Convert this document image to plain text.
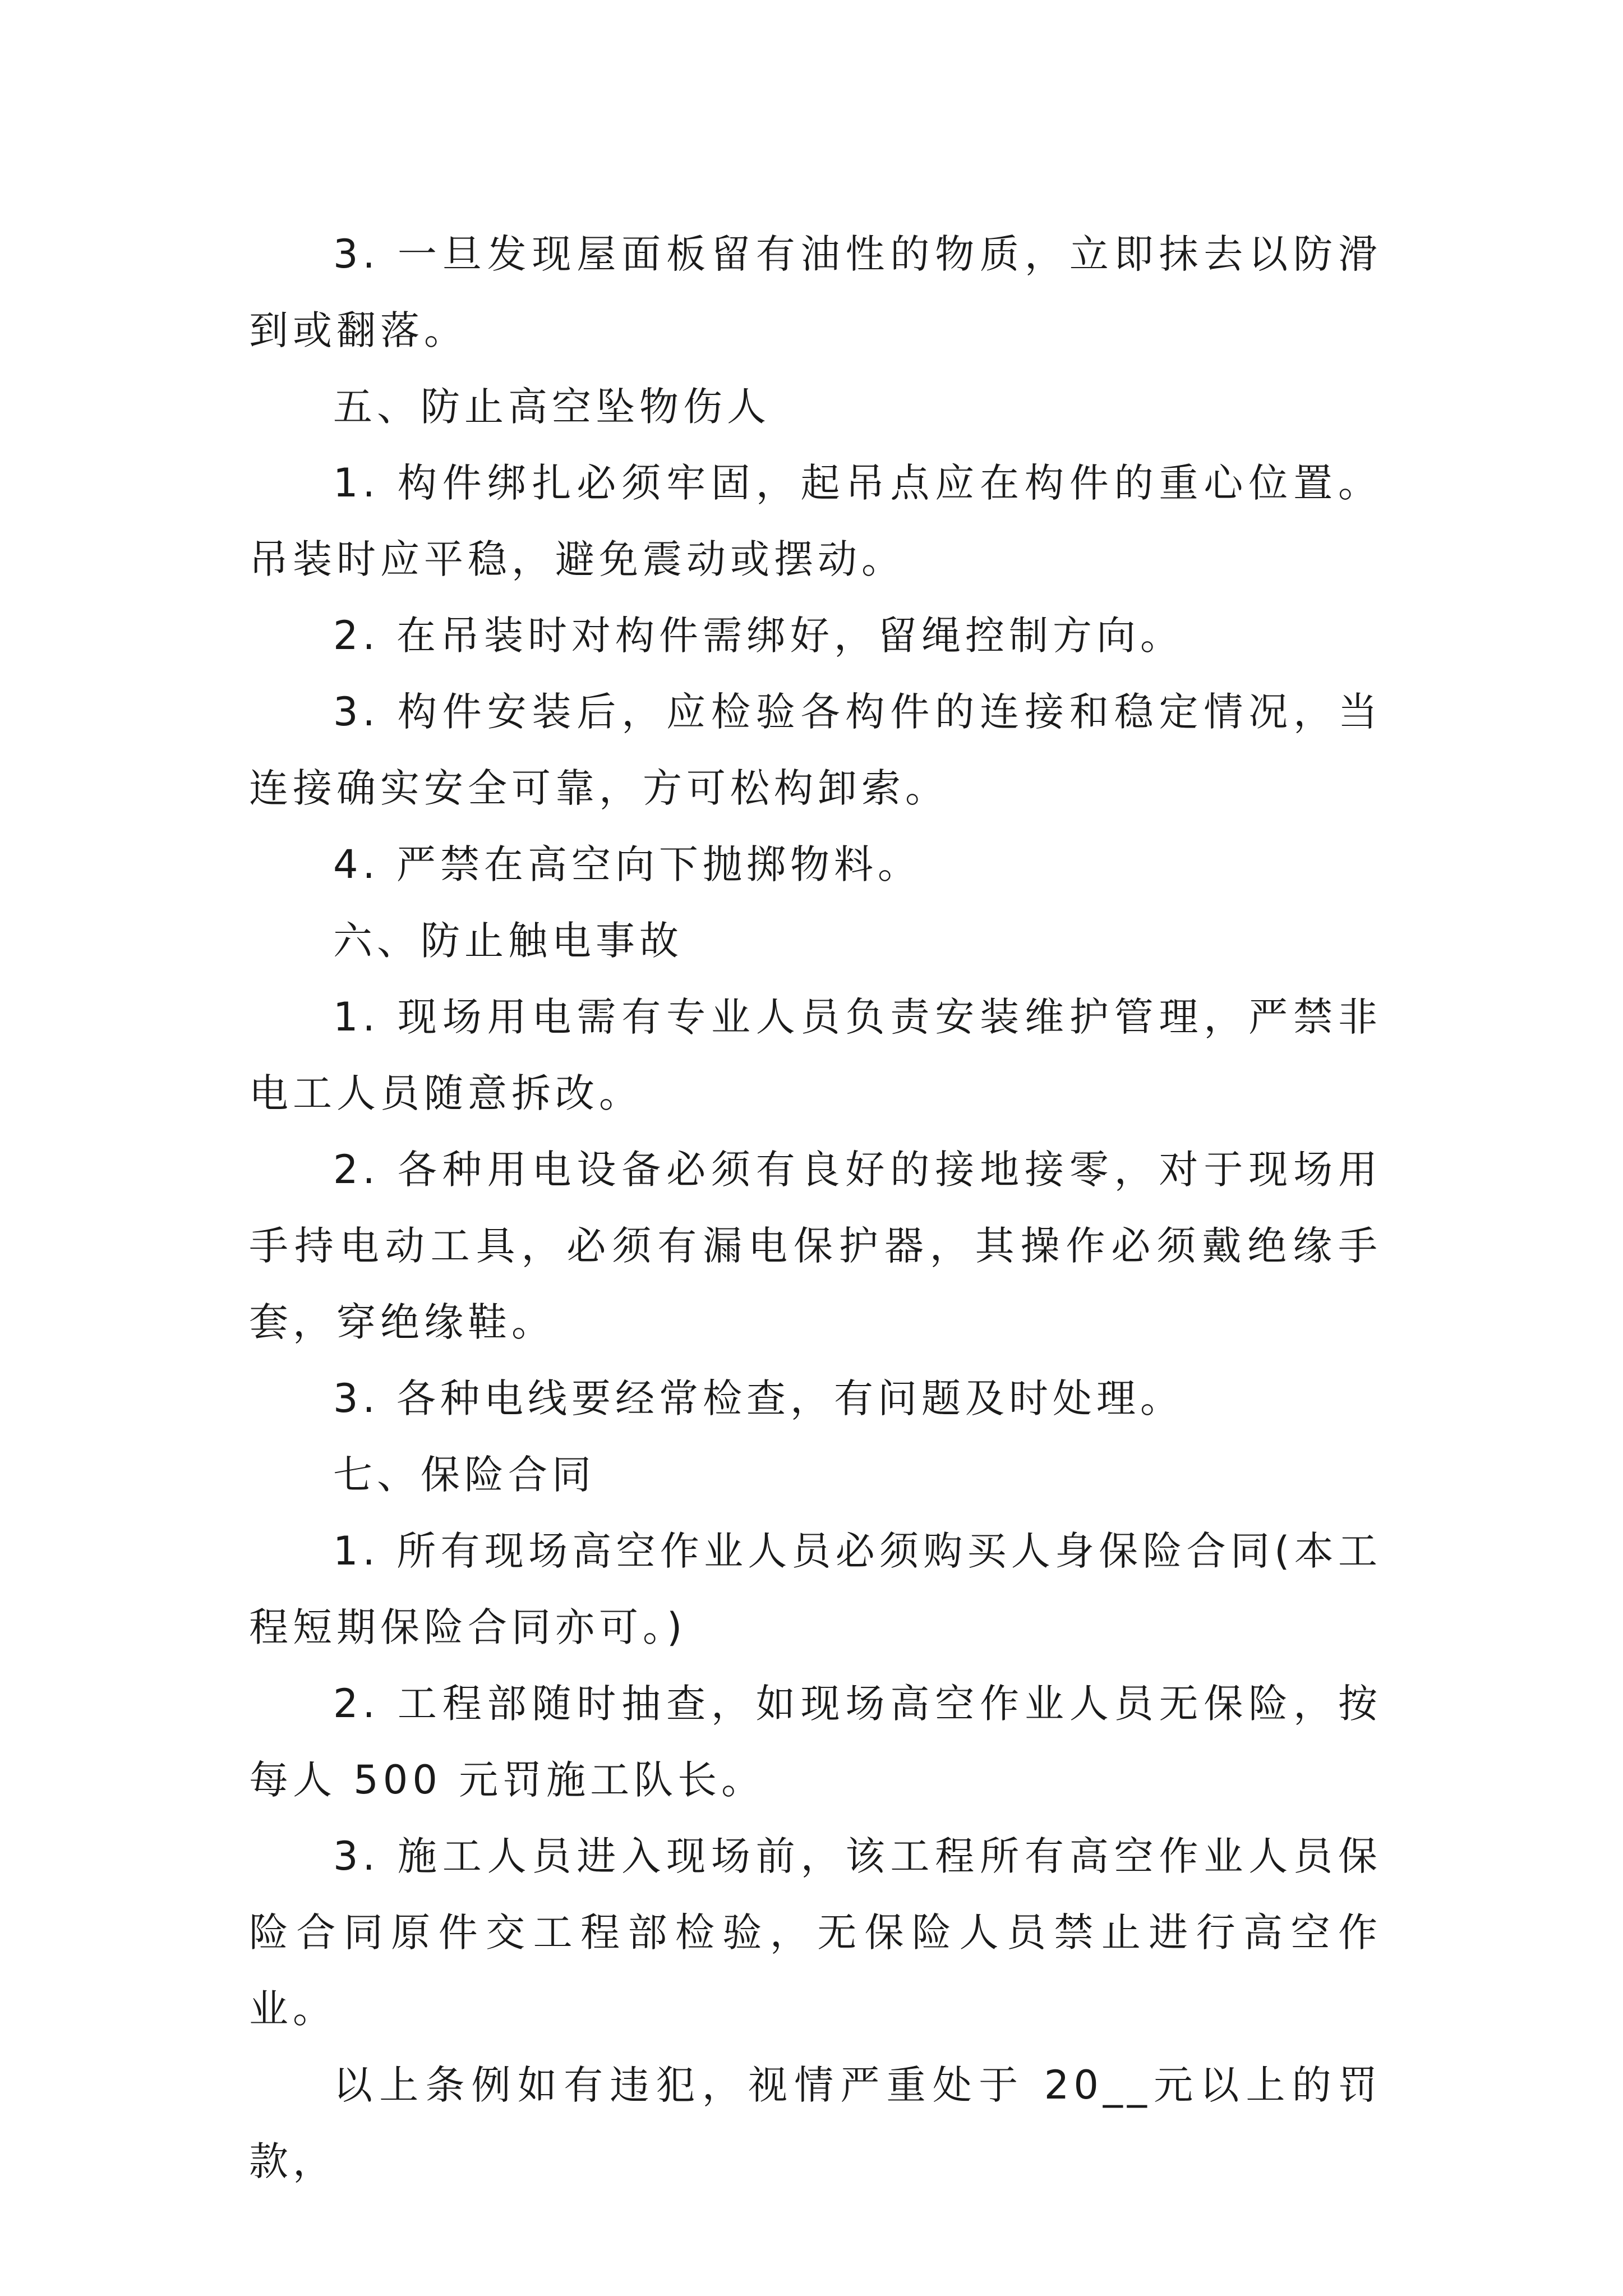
3. 一旦发现屋面板留有油性的物质，立即抹去以防滑到或翻落。

五、防止高空坠物伤人

1. 构件绑扎必须牢固，起吊点应在构件的重心位置。吊装时应平稳，避免震动或摆动。

2. 在吊装时对构件需绑好，留绳控制方向。

3. 构件安装后，应检验各构件的连接和稳定情况，当连接确实安全可靠，方可松构卸索。

4. 严禁在高空向下抛掷物料。

六、防止触电事故

1. 现场用电需有专业人员负责安装维护管理，严禁非电工人员随意拆改。

2. 各种用电设备必须有良好的接地接零，对于现场用手持电动工具，必须有漏电保护器，其操作必须戴绝缘手套，穿绝缘鞋。

3. 各种电线要经常检查，有问题及时处理。

七、保险合同

1. 所有现场高空作业人员必须购买人身保险合同(本工程短期保险合同亦可。)

2. 工程部随时抽查，如现场高空作业人员无保险，按每人 500 元罚施工队长。

3. 施工人员进入现场前，该工程所有高空作业人员保险合同原件交工程部检验，无保险人员禁止进行高空作业。

以上条例如有违犯，视情严重处于 20__元以上的罚款，
